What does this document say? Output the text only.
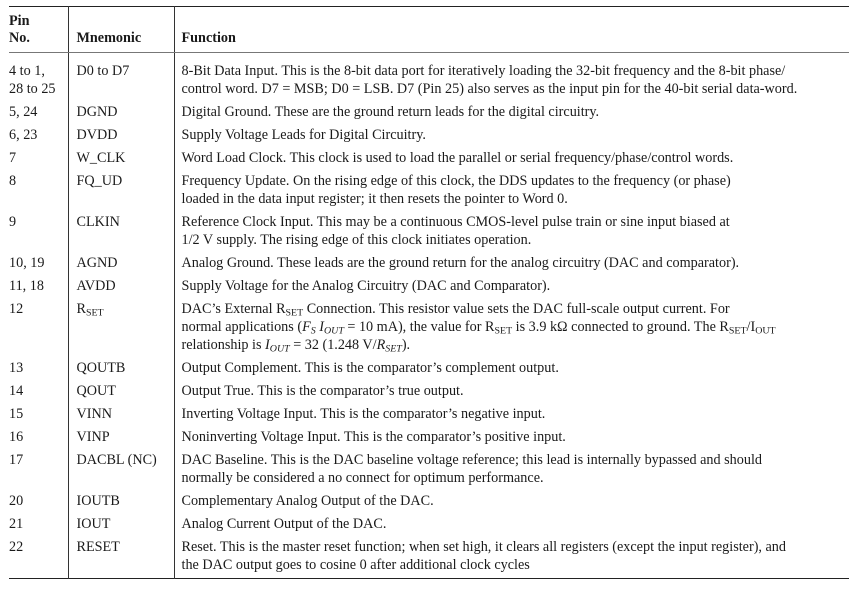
Pin
No.	Mnemonic	Function

4 to 1,
28 to 25	D0 to D7	8-Bit Data Input. This is the 8-bit data port for iteratively loading the 32-bit frequency and the 8-bit phase/
control word. D7 = MSB; D0 = LSB. D7 (Pin 25) also serves as the input pin for the 40-bit serial data-word.

5, 24	DGND	Digital Ground. These are the ground return leads for the digital circuitry.
6, 23	DVDD	Supply Voltage Leads for Digital Circuitry.
7	W_CLK	Word Load Clock. This clock is used to load the parallel or serial frequency/phase/control words.
8	FQ_UD	Frequency Update. On the rising edge of this clock, the DDS updates to the frequency (or phase)
loaded in the data input register; it then resets the pointer to Word 0.

9	CLKIN	Reference Clock Input. This may be a continuous CMOS-level pulse train or sine input biased at
1/2 V supply. The rising edge of this clock initiates operation.

10, 19	AGND	Analog Ground. These leads are the ground return for the analog circuitry (DAC and comparator).
11, 18	AVDD	Supply Voltage for the Analog Circuitry (DAC and Comparator).
12	$R_{SET}$	DAC’s External $R_{SET}$ Connection. This resistor value sets the DAC full-scale output current. For
normal applications ($F_S$ $I_{OUT} = 10$ mA), the value for $R_{SET}$ is 3.9 kΩ connected to ground. The $R_{SET}/I_{OUT}$
relationship is $I_{OUT} = 32$ (1.248 $V/R_{SET}$).

13	QOUTB	Output Complement. This is the comparator’s complement output.
14	QOUT	Output True. This is the comparator’s true output.
15	VINN	Inverting Voltage Input. This is the comparator’s negative input.
16	VINP	Noninverting Voltage Input. This is the comparator’s positive input.
17	DACBL (NC)	DAC Baseline. This is the DAC baseline voltage reference; this lead is internally bypassed and should
normally be considered a no connect for optimum performance.

20	IOUTB	Complementary Analog Output of the DAC.
21	IOUT	Analog Current Output of the DAC.
22	RESET	Reset. This is the master reset function; when set high, it clears all registers (except the input register), and
the DAC output goes to cosine 0 after additional clock cycles
